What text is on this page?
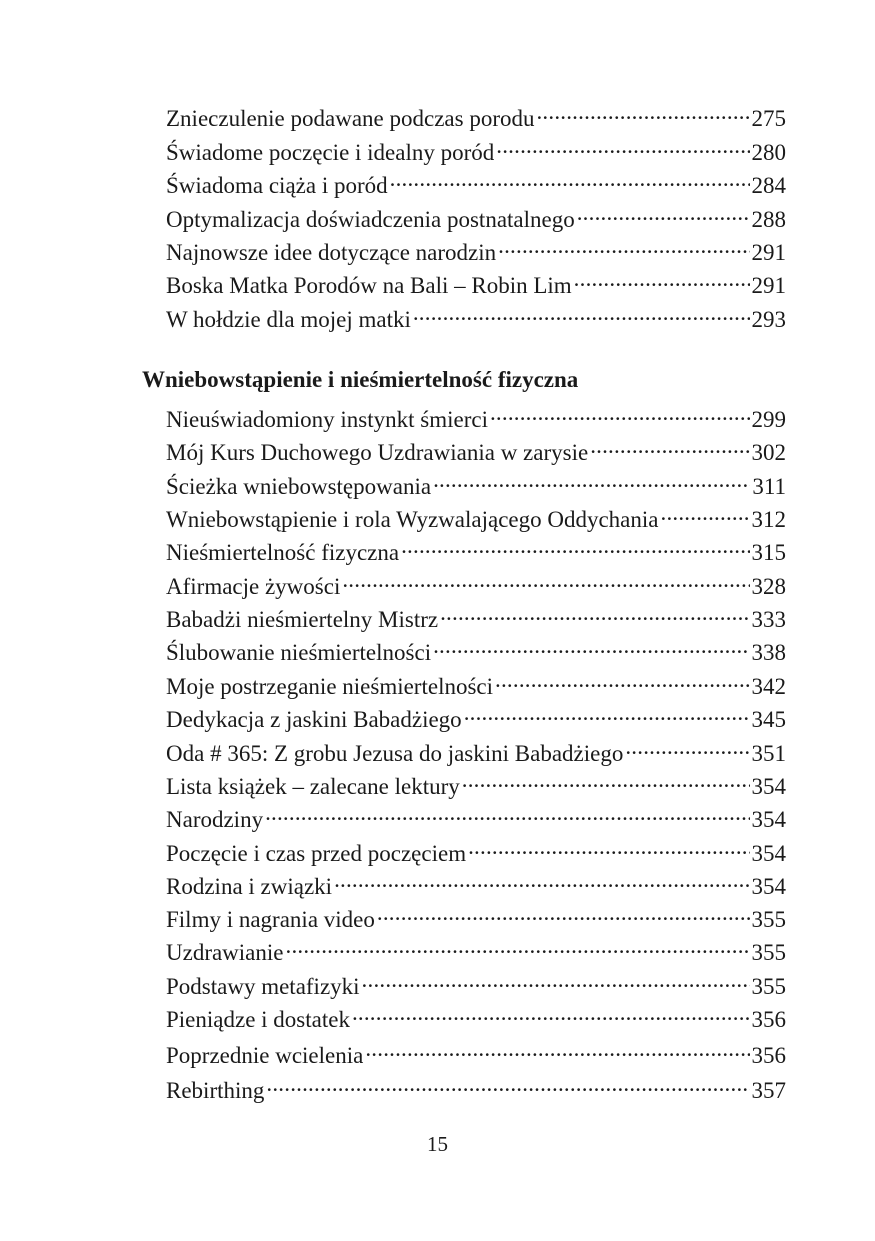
Znieczulenie podawane podczas porodu .....	275
Świadome poczęcie i idealny poród .....	280
Świadoma ciąża i poród .....	284
Optymalizacja doświadczenia postnatalnego .....	288
Najnowsze idee dotyczące narodzin .....	291
Boska Matka Porodów na Bali – Robin Lim .....	291
W hołdzie dla mojej matki .....	293
Wniebowstąpienie i nieśmiertelność fizyczna
Nieuświadomiony instynkt śmierci .....	299
Mój Kurs Duchowego Uzdrawiania w zarysie .....	302
Ścieżka wniebowstępowania .....	311
Wniebowstąpienie i rola Wyzwalającego Oddychania .....	312
Nieśmiertelność fizyczna .....	315
Afirmacje żywości .....	328
Babadżi nieśmiertelny Mistrz .....	333
Ślubowanie nieśmiertelności .....	338
Moje postrzeganie nieśmiertelności .....	342
Dedykacja z jaskini Babadżiego .....	345
Oda # 365: Z grobu Jezusa do jaskini Babadżiego .....	351
Lista książek – zalecane lektury .....	354
Narodziny .....	354
Poczęcie i czas przed poczęciem .....	354
Rodzina i związki .....	354
Filmy i nagrania video .....	355
Uzdrawianie .....	355
Podstawy metafizyki .....	355
Pieniądze i dostatek .....	356
Poprzednie wcielenia .....	356
Rebirthing .....	357
15
